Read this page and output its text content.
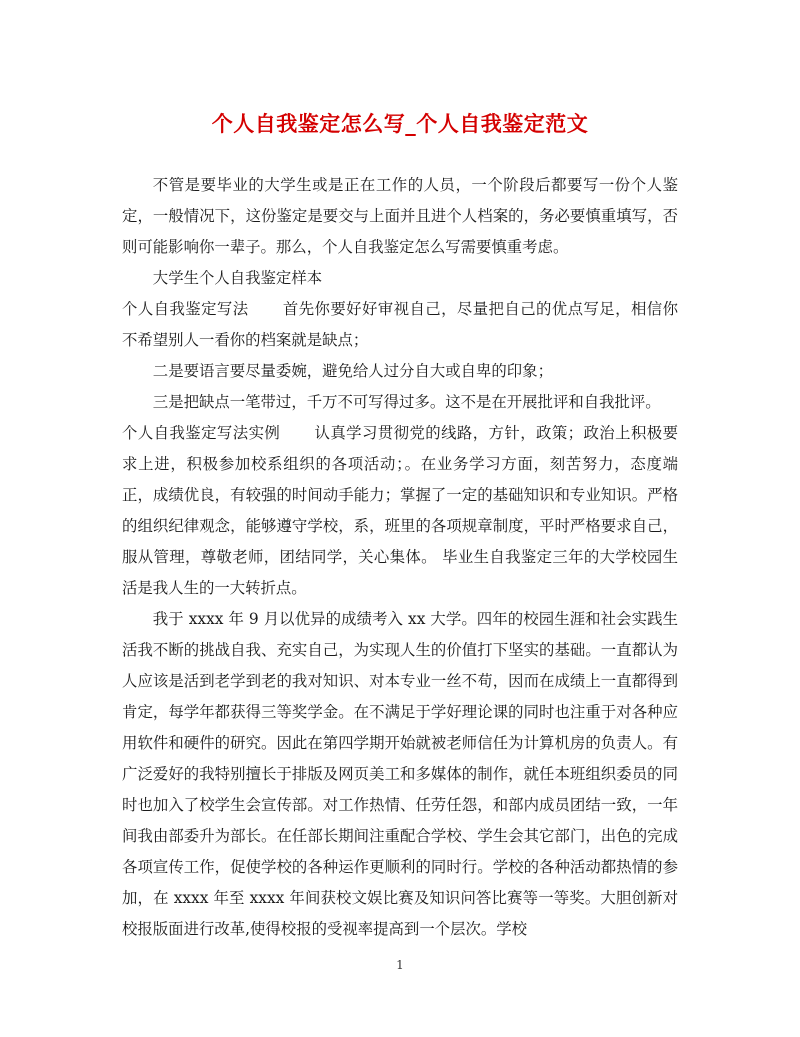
个人自我鉴定怎么写_个人自我鉴定范文

不管是要毕业的大学生或是正在工作的人员，一个阶段后都要写一份个人鉴定，一般情况下，这份鉴定是要交与上面并且进个人档案的，务必要慎重填写，否则可能影响你一辈子。那么，个人自我鉴定怎么写需要慎重考虑。

大学生个人自我鉴定样本

个人自我鉴定写法 首先你要好好审视自己，尽量把自己的优点写足，相信你不希望别人一看你的档案就是缺点；

二是要语言要尽量委婉，避免给人过分自大或自卑的印象；

三是把缺点一笔带过，千万不可写得过多。这不是在开展批评和自我批评。

个人自我鉴定写法实例 认真学习贯彻党的线路，方针，政策；政治上积极要求上进，积极参加校系组织的各项活动；。在业务学习方面，刻苦努力，态度端正，成绩优良，有较强的时间动手能力；掌握了一定的基础知识和专业知识。严格的组织纪律观念，能够遵守学校，系，班里的各项规章制度，平时严格要求自己，服从管理，尊敬老师，团结同学，关心集体。 毕业生自我鉴定三年的大学校园生活是我人生的一大转折点。

我于 xxxx 年 9 月以优异的成绩考入 xx 大学。四年的校园生涯和社会实践生活我不断的挑战自我、充实自己，为实现人生的价值打下坚实的基础。一直都认为人应该是活到老学到老的我对知识、对本专业一丝不苟，因而在成绩上一直都得到肯定，每学年都获得三等奖学金。在不满足于学好理论课的同时也注重于对各种应用软件和硬件的研究。因此在第四学期开始就被老师信任为计算机房的负责人。有广泛爱好的我特别擅长于排版及网页美工和多媒体的制作，就任本班组织委员的同时也加入了校学生会宣传部。对工作热情、任劳任怨，和部内成员团结一致，一年间我由部委升为部长。在任部长期间注重配合学校、学生会其它部门，出色的完成各项宣传工作，促使学校的各种运作更顺利的同时行。学校的各种活动都热情的参加，在 xxxx 年至 xxxx 年间获校文娱比赛及知识问答比赛等一等奖。大胆创新对校报版面进行改革,使得校报的受视率提高到一个层次。学校

1
